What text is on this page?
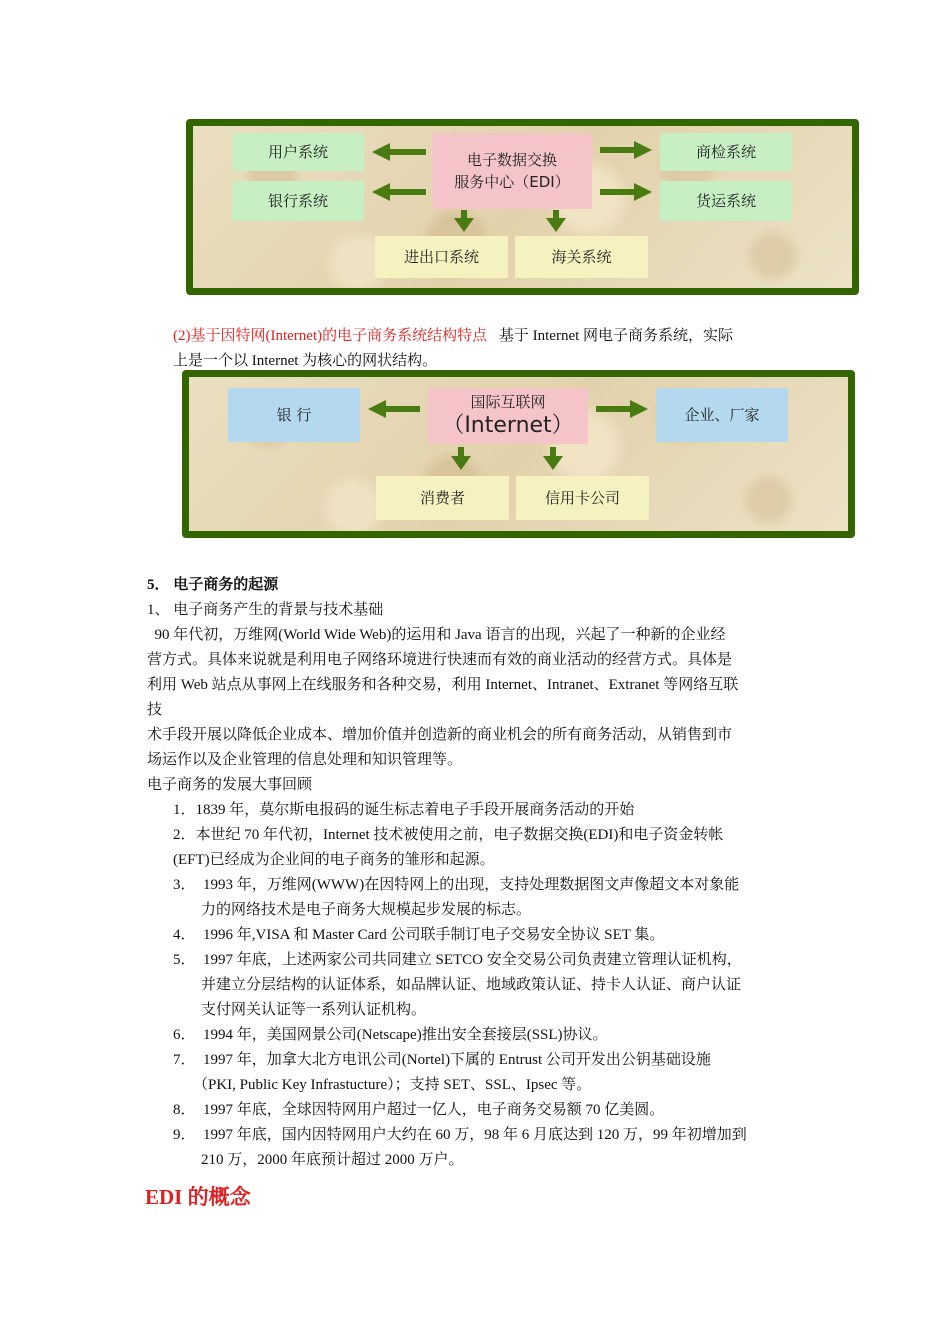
用户系统
银行系统
电子数据交换
服务中心（EDI）
商检系统
货运系统
进出口系统	海关系统
(2)基于因特网(Internet)的电子商务系统结构特点 基于 Internet 网电子商务系统，实际
上是一个以 Internet 为核心的网状结构。
银 行
国际互联网
（Internet）	企业、厂家
消费者	信用卡公司
5． 电子商务的起源
1、 电子商务产生的背景与技术基础
90 年代初，万维网(World Wide Web)的运用和 Java 语言的出现，兴起了一种新的企业经
营方式。具体来说就是利用电子网络环境进行快速而有效的商业活动的经营方式。具体是
利用 Web 站点从事网上在线服务和各种交易，利用 Internet、Intranet、Extranet 等网络互联
技
术手段开展以降低企业成本、增加价值并创造新的商业机会的所有商务活动，从销售到市
场运作以及企业管理的信息处理和知识管理等。
电子商务的发展大事回顾
1．1839 年，莫尔斯电报码的诞生标志着电子手段开展商务活动的开始
2．本世纪 70 年代初，Internet 技术被使用之前，电子数据交换(EDI)和电子资金转帐
(EFT)已经成为企业间的电子商务的雏形和起源。
3．  1993 年，万维网(WWW)在因特网上的出现，支持处理数据图文声像超文本对象能
力的网络技术是电子商务大规模起步发展的标志。
4．  1996 年,VISA 和 Master Card 公司联手制订电子交易安全协议 SET 集。
5．  1997 年底，上述两家公司共同建立 SETCO 安全交易公司负责建立管理认证机构，
并建立分层结构的认证体系，如品牌认证、地域政策认证、持卡人认证、商户认证
支付网关认证等一系列认证机构。
6．  1994 年，美国网景公司(Netscape)推出安全套接层(SSL)协议。
7．  1997 年，加拿大北方电讯公司(Nortel)下属的 Entrust 公司开发出公钥基础设施
（PKI, Public Key Infrastucture）；支持 SET、SSL、Ipsec 等。
8．  1997 年底，全球因特网用户超过一亿人，电子商务交易额 70 亿美圆。
9．  1997 年底，国内因特网用户大约在 60 万，98 年 6 月底达到 120 万，99 年初增加到
210 万，2000 年底预计超过 2000 万户。
EDI 的概念
